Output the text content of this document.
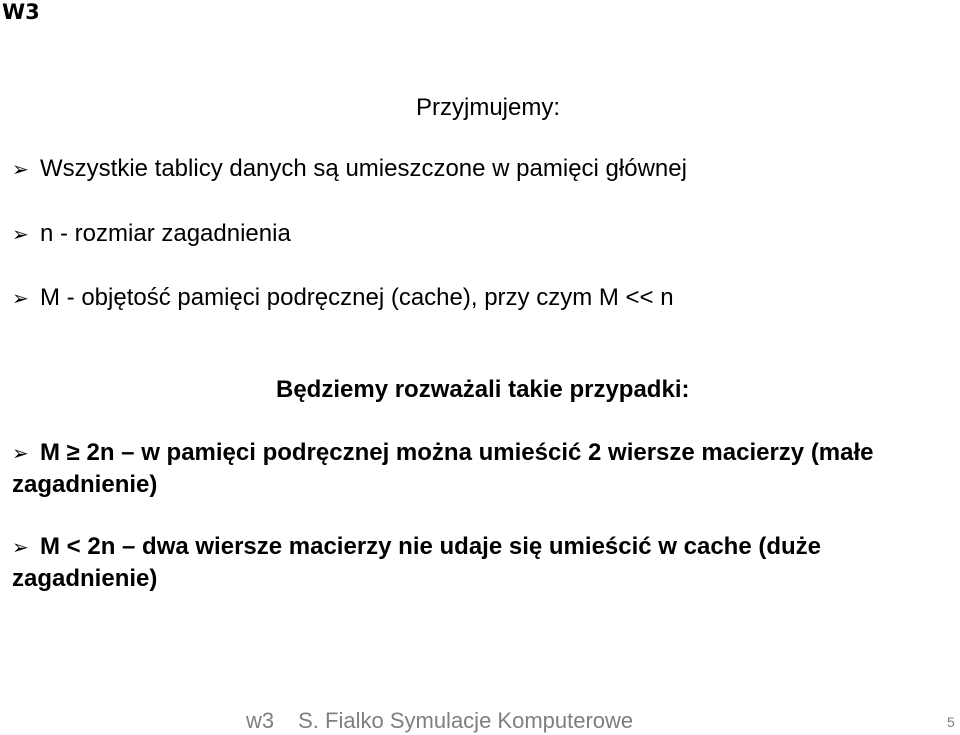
W3
Przyjmujemy:
➢ Wszystkie tablicy danych są umieszczone w pamięci głównej
➢ n - rozmiar zagadnienia
➢ M - objętość pamięci podręcznej (cache), przy czym M << n
Będziemy rozważali takie przypadki:
➢ M ≥ 2n – w pamięci podręcznej można umieścić 2 wiersze macierzy (małe zagadnienie)
➢ M < 2n – dwa wiersze macierzy nie udaje się umieścić w cache (duże zagadnienie)
w3 S. Fialko Symulacje Komputerowe	5
